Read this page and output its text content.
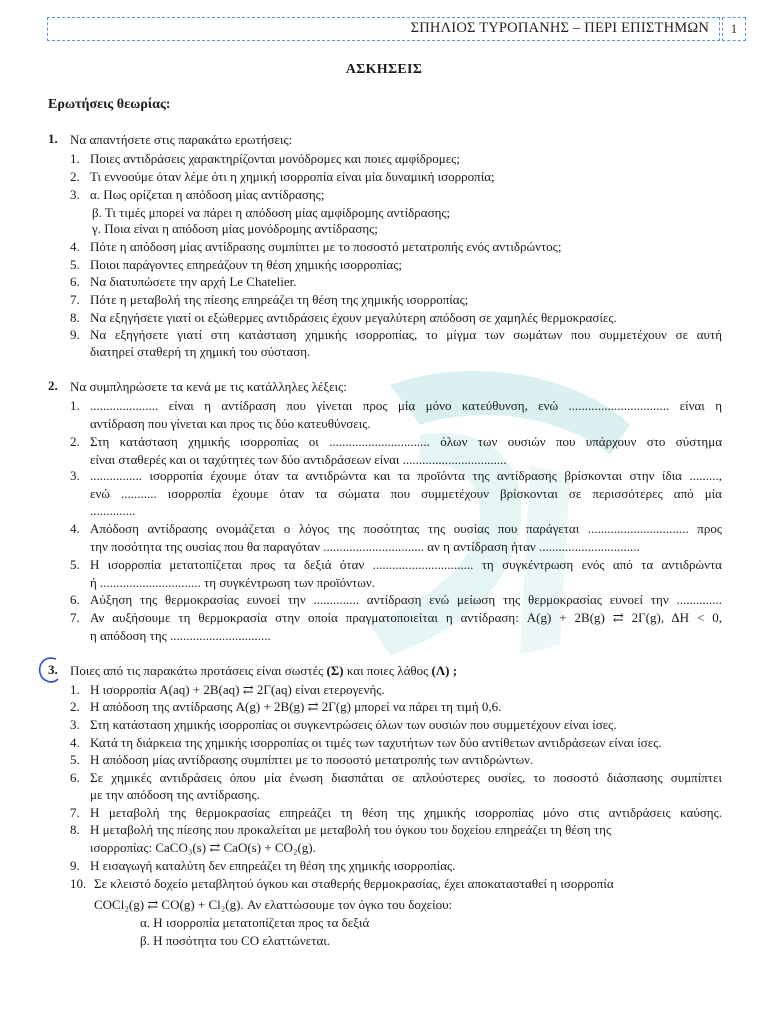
ΣΠΗΛΙΟΣ ΤΥΡΟΠΑΝΗΣ – ΠΕΡΙ ΕΠΙΣΤΗΜΩΝ	1
ΑΣΚΗΣΕΙΣ
Ερωτήσεις θεωρίας:
1. Να απαντήσετε στις παρακάτω ερωτήσεις:
1. Ποιες αντιδράσεις χαρακτηρίζονται μονόδρομες και ποιες αμφίδρομες;
2. Τι εννοούμε όταν λέμε ότι η χημική ισορροπία είναι μία δυναμική ισορροπία;
3. α. Πως ορίζεται η απόδοση μίας αντίδρασης;
β. Τι τιμές μπορεί να πάρει η απόδοση μίας αμφίδρομης αντίδρασης;
γ. Ποια είναι η απόδοση μίας μονόδρομης αντίδρασης;
4. Πότε η απόδοση μίας αντίδρασης συμπίπτει με το ποσοστό μετατροπής ενός αντιδρώντος;
5. Ποιοι παράγοντες επηρεάζουν τη θέση χημικής ισορροπίας;
6. Να διατυπώσετε την αρχή Le Chatelier.
7. Πότε η μεταβολή της πίεσης επηρεάζει τη θέση της χημικής ισορροπίας;
8. Να εξηγήσετε γιατί οι εξώθερμες αντιδράσεις έχουν μεγαλύτερη απόδοση σε χαμηλές θερμοκρασίες.
9. Να εξηγήσετε γιατί στη κατάσταση χημικής ισορροπίας, το μίγμα των σωμάτων που συμμετέχουν σε αυτή
διατηρεί σταθερή τη χημική του σύσταση.
2. Να συμπληρώσετε τα κενά με τις κατάλληλες λέξεις:
1. ..................... είναι η αντίδραση που γίνεται προς μία μόνο κατεύθυνση, ενώ ............................... είναι η
αντίδραση που γίνεται και προς τις δύο κατευθύνσεις.
2. Στη κατάσταση χημικής ισορροπίας οι ............................... όλων των ουσιών που υπάρχουν στο σύστημα
είναι σταθερές και οι ταχύτητες των δύο αντιδράσεων είναι ................................
3. ................ ισορροπία έχουμε όταν τα αντιδρώντα και τα προϊόντα της αντίδρασης βρίσκονται στην ίδια .........,
ενώ ........... ισορροπία έχουμε όταν τα σώματα που συμμετέχουν βρίσκονται σε περισσότερες από μία
..............
4. Απόδοση αντίδρασης ονομάζεται ο λόγος της ποσότητας της ουσίας που παράγεται ............................... προς
την ποσότητα της ουσίας που θα παραγόταν ............................... αν η αντίδραση ήταν ...............................
5. Η ισορροπία μετατοπίζεται προς τα δεξιά όταν ............................... τη συγκέντρωση ενός από τα αντιδρώντα
ή ............................... τη συγκέντρωση των προϊόντων.
6. Αύξηση της θερμοκρασίας ευνοεί την .............. αντίδραση ενώ μείωση της θερμοκρασίας ευνοεί την ..............
7. Αν αυξήσουμε τη θερμοκρασία στην οποία πραγματοποιείται η αντίδραση: A(g) + 2B(g) ⇄ 2Γ(g), ΔΗ < 0,
η απόδοση της ...............................
3. Ποιες από τις παρακάτω προτάσεις είναι σωστές (Σ) και ποιες λάθος (Λ) ;
1. Η ισορροπία A(aq) + 2B(aq) ⇄ 2Γ(aq) είναι ετερογενής.
2. Η απόδοση της αντίδρασης A(g) + 2B(g) ⇄ 2Γ(g) μπορεί να πάρει τη τιμή 0,6.
3. Στη κατάσταση χημικής ισορροπίας οι συγκεντρώσεις όλων των ουσιών που συμμετέχουν είναι ίσες.
4. Κατά τη διάρκεια της χημικής ισορροπίας οι τιμές των ταχυτήτων των δύο αντίθετων αντιδράσεων είναι ίσες.
5. Η απόδοση μίας αντίδρασης συμπίπτει με το ποσοστό μετατροπής των αντιδρώντων.
6. Σε χημικές αντιδράσεις όπου μία ένωση διασπάται σε απλούστερες ουσίες, το ποσοστό διάσπασης συμπίπτει
με την απόδοση της αντίδρασης.
7. Η μεταβολή της θερμοκρασίας επηρεάζει τη θέση της χημικής ισορροπίας μόνο στις αντιδράσεις καύσης.
8. Η μεταβολή της πίεσης που προκαλείται με μεταβολή του όγκου του δοχείου επηρεάζει τη θέση της
ισορροπίας: CaCO₃(s) ⇄ CaO(s) + CO₂(g).
9. Η εισαγωγή καταλύτη δεν επηρεάζει τη θέση της χημικής ισορροπίας.
10. Σε κλειστό δοχείο μεταβλητού όγκου και σταθερής θερμοκρασίας, έχει αποκατασταθεί η ισορροπία
COCl₂(g) ⇄ CO(g) + Cl₂(g). Αν ελαττώσουμε τον όγκο του δοχείου:
α. Η ισορροπία μετατοπίζεται προς τα δεξιά
β. Η ποσότητα του CO ελαττώνεται.
